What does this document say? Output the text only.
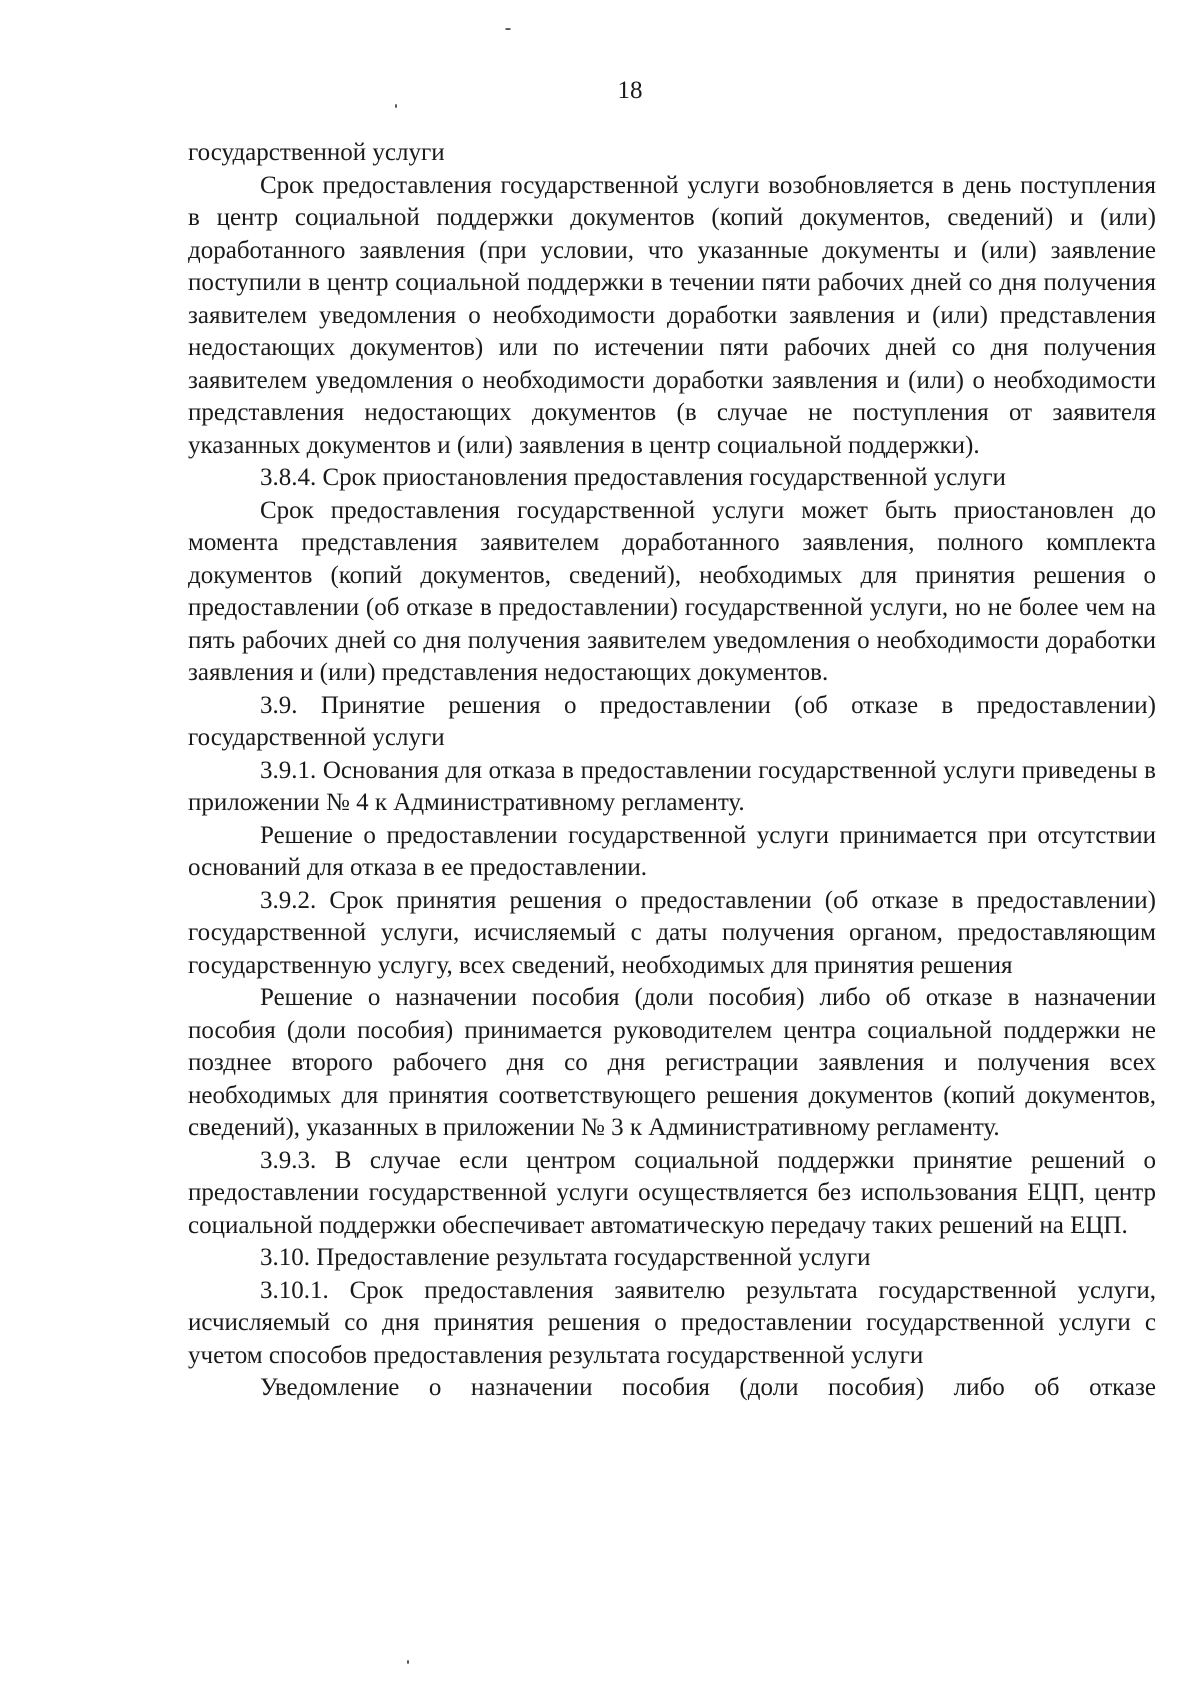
18

государственной услуги

Срок предоставления государственной услуги возобновляется в день поступления в центр социальной поддержки документов (копий документов, сведений) и (или) доработанного заявления (при условии, что указанные документы и (или) заявление поступили в центр социальной поддержки в течении пяти рабочих дней со дня получения заявителем уведомления о необходимости доработки заявления и (или) представления недостающих документов) или по истечении пяти рабочих дней со дня получения заявителем уведомления о необходимости доработки заявления и (или) о необходимости представления недостающих документов (в случае не поступления от заявителя указанных документов и (или) заявления в центр социальной поддержки).

3.8.4. Срок приостановления предоставления государственной услуги

Срок предоставления государственной услуги может быть приостановлен до момента представления заявителем доработанного заявления, полного комплекта документов (копий документов, сведений), необходимых для принятия решения о предоставлении (об отказе в предоставлении) государственной услуги, но не более чем на пять рабочих дней со дня получения заявителем уведомления о необходимости доработки заявления и (или) представления недостающих документов.

3.9. Принятие решения о предоставлении (об отказе в предоставлении) государственной услуги

3.9.1. Основания для отказа в предоставлении государственной услуги приведены в приложении № 4 к Административному регламенту.

Решение о предоставлении государственной услуги принимается при отсутствии оснований для отказа в ее предоставлении.

3.9.2. Срок принятия решения о предоставлении (об отказе в предоставлении) государственной услуги, исчисляемый с даты получения органом, предоставляющим государственную услугу, всех сведений, необходимых для принятия решения

Решение о назначении пособия (доли пособия) либо об отказе в назначении пособия (доли пособия) принимается руководителем центра социальной поддержки не позднее второго рабочего дня со дня регистрации заявления и получения всех необходимых для принятия соответствующего решения документов (копий документов, сведений), указанных в приложении № 3 к Административному регламенту.

3.9.3. В случае если центром социальной поддержки принятие решений о предоставлении государственной услуги осуществляется без использования ЕЦП, центр социальной поддержки обеспечивает автоматическую передачу таких решений на ЕЦП.

3.10. Предоставление результата государственной услуги

3.10.1. Срок предоставления заявителю результата государственной услуги, исчисляемый со дня принятия решения о предоставлении государственной услуги с учетом способов предоставления результата государственной услуги

Уведомление о назначении пособия (доли пособия) либо об отказе
